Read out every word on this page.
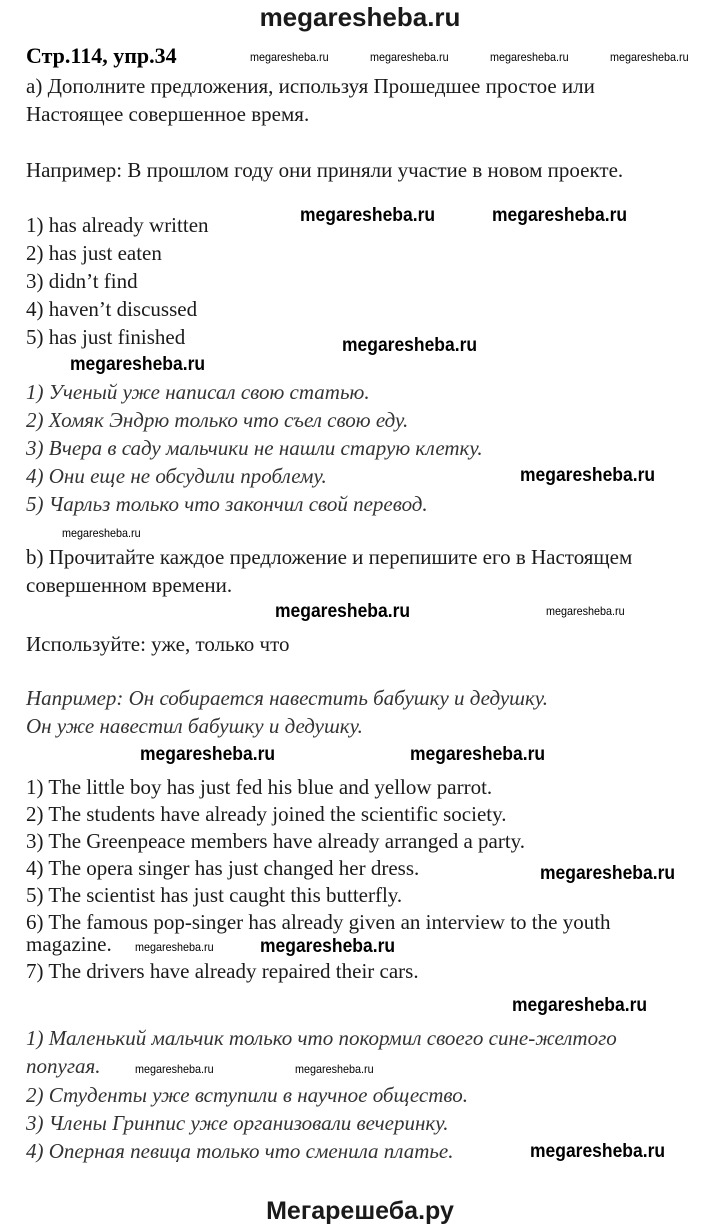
megaresheba.ru
Стр.114, упр.34
а) Дополните предложения, используя Прошедшее простое или
Настоящее совершенное время.
Например: В прошлом году они приняли участие в новом проекте.
1) has already written
2) has just eaten
3) didn’t find
4) haven’t discussed
5) has just finished
1) Ученый уже написал свою статью.
2) Хомяк Эндрю только что съел свою еду.
3) Вчера в саду мальчики не нашли старую клетку.
4) Они еще не обсудили проблему.
5) Чарльз только что закончил свой перевод.
b) Прочитайте каждое предложение и перепишите его в Настоящем
совершенном времени.
Используйте: уже, только что
Например: Он собирается навестить бабушку и дедушку.
Он уже навестил бабушку и дедушку.
1) The little boy has just fed his blue and yellow parrot.
2) The students have already joined the scientific society.
3) The Greenpeace members have already arranged a party.
4) The opera singer has just changed her dress.
5) The scientist has just caught this butterfly.
6) The famous pop-singer has already given an interview to the youth
magazine.
7) The drivers have already repaired their cars.
1) Маленький мальчик только что покормил своего сине-желтого
попугая.
2) Студенты уже вступили в научное общество.
3) Члены Гринпис уже организовали вечеринку.
4) Оперная певица только что сменила платье.
megaresheba.ru	megaresheba.ru	megaresheba.ru	megaresheba.ru
megaresheba.ru	megaresheba.ru
megaresheba.ru
megaresheba.ru
megaresheba.ru
megaresheba.ru
megaresheba.ru	megaresheba.ru
megaresheba.ru	megaresheba.ru
megaresheba.ru
megaresheba.ru megaresheba.ru
megaresheba.ru
megaresheba.ru	megaresheba.ru
megaresheba.ru
Мегарешеба.ру
